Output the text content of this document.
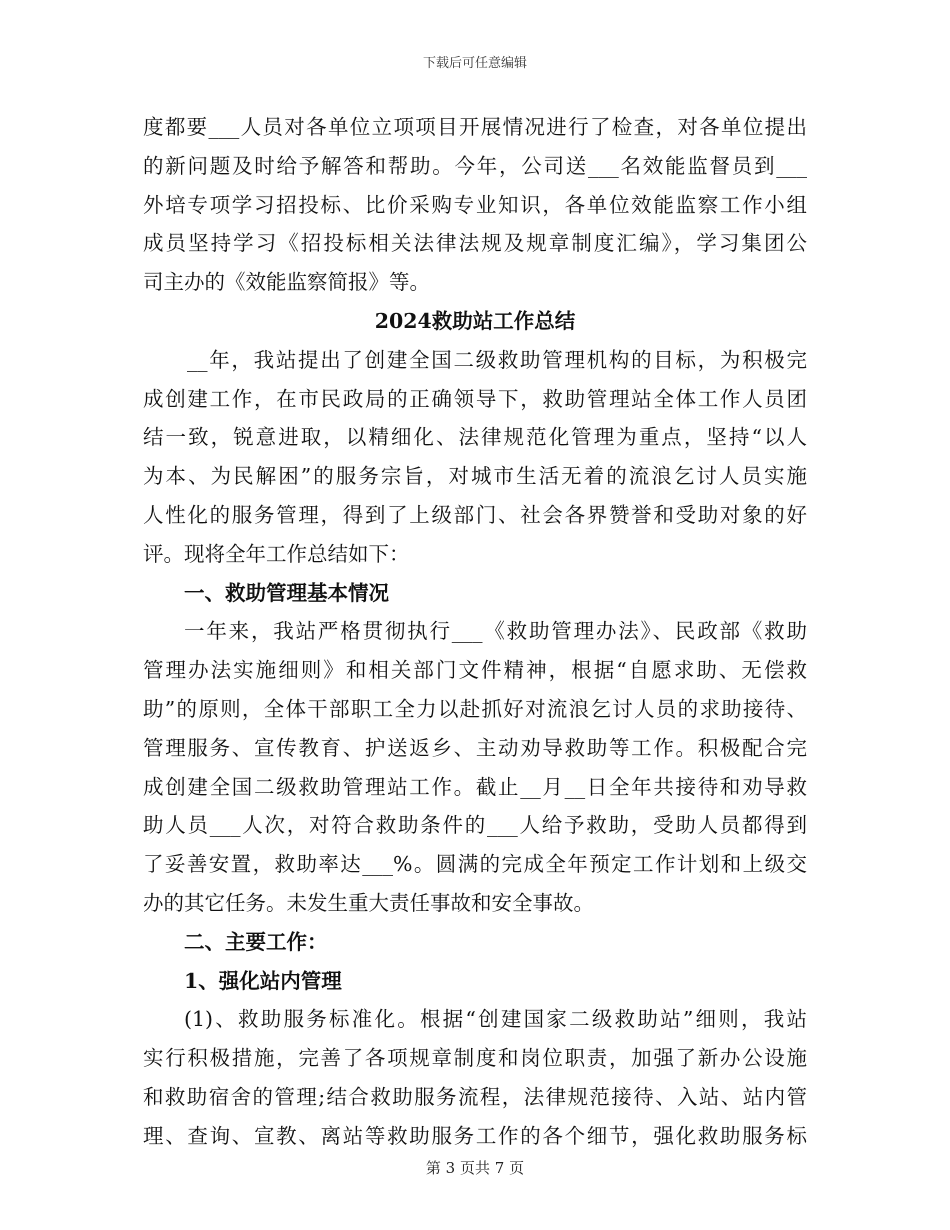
下载后可任意编辑
度都要___人员对各单位立项项目开展情况进行了检查，对各单位提出
的新问题及时给予解答和帮助。今年，公司送___名效能监督员到___
外培专项学习招投标、比价采购专业知识，各单位效能监察工作小组
成员坚持学习《招投标相关法律法规及规章制度汇编》，学习集团公
司主办的《效能监察简报》等。
2024救助站工作总结
__年，我站提出了创建全国二级救助管理机构的目标，为积极完
成创建工作，在市民政局的正确领导下，救助管理站全体工作人员团
结一致，锐意进取，以精细化、法律规范化管理为重点，坚持“以人
为本、为民解困”的服务宗旨，对城市生活无着的流浪乞讨人员实施
人性化的服务管理，得到了上级部门、社会各界赞誉和受助对象的好
评。现将全年工作总结如下：
一、救助管理基本情况
一年来，我站严格贯彻执行___《救助管理办法》、民政部《救助
管理办法实施细则》和相关部门文件精神，根据“自愿求助、无偿救
助”的原则，全体干部职工全力以赴抓好对流浪乞讨人员的求助接待、
管理服务、宣传教育、护送返乡、主动劝导救助等工作。积极配合完
成创建全国二级救助管理站工作。截止__月__日全年共接待和劝导救
助人员___人次，对符合救助条件的___人给予救助，受助人员都得到
了妥善安置，救助率达___%。圆满的完成全年预定工作计划和上级交
办的其它任务。未发生重大责任事故和安全事故。
二、主要工作：
1、强化站内管理
(1)、救助服务标准化。根据“创建国家二级救助站”细则，我站
实行积极措施，完善了各项规章制度和岗位职责，加强了新办公设施
和救助宿舍的管理;结合救助服务流程，法律规范接待、入站、站内管
理、查询、宣教、离站等救助服务工作的各个细节，强化救助服务标
第 3 页共 7 页
